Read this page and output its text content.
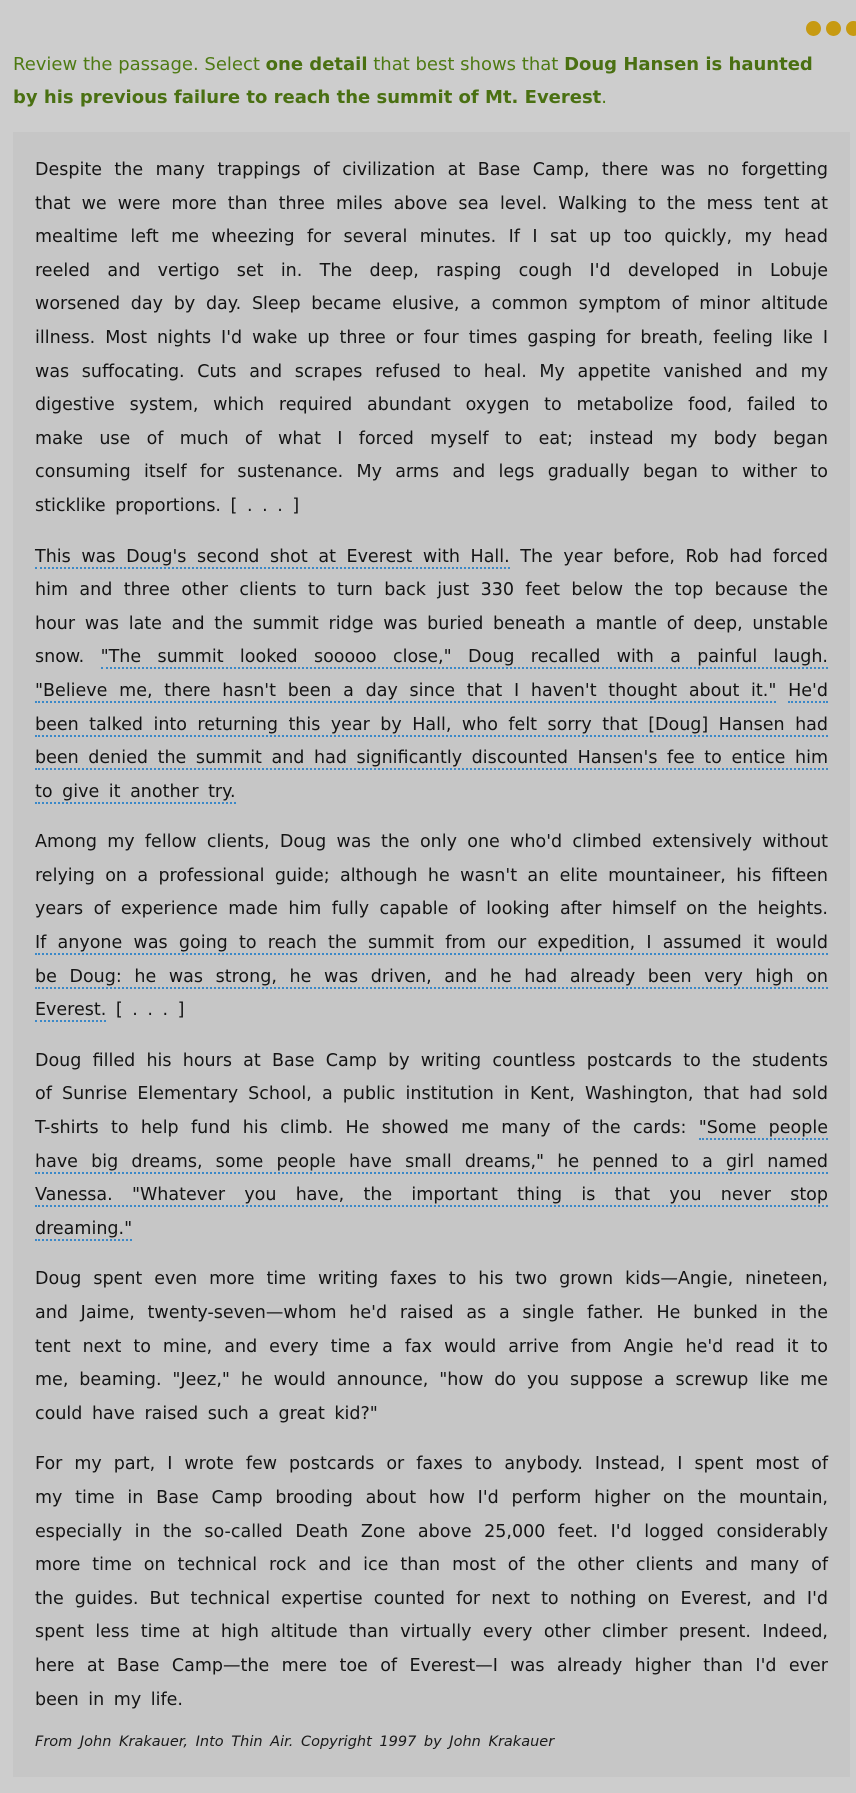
Review the passage. Select one detail that best shows that Doug Hansen is haunted by his previous failure to reach the summit of Mt. Everest.

Despite the many trappings of civilization at Base Camp, there was no forgetting that we were more than three miles above sea level. Walking to the mess tent at mealtime left me wheezing for several minutes. If I sat up too quickly, my head reeled and vertigo set in. The deep, rasping cough I'd developed in Lobuje worsened day by day. Sleep became elusive, a common symptom of minor altitude illness. Most nights I'd wake up three or four times gasping for breath, feeling like I was suffocating. Cuts and scrapes refused to heal. My appetite vanished and my digestive system, which required abundant oxygen to metabolize food, failed to make use of much of what I forced myself to eat; instead my body began consuming itself for sustenance. My arms and legs gradually began to wither to sticklike proportions. [ . . . ]

This was Doug's second shot at Everest with Hall. The year before, Rob had forced him and three other clients to turn back just 330 feet below the top because the hour was late and the summit ridge was buried beneath a mantle of deep, unstable snow. "The summit looked sooooo close," Doug recalled with a painful laugh. "Believe me, there hasn't been a day since that I haven't thought about it." He'd been talked into returning this year by Hall, who felt sorry that [Doug] Hansen had been denied the summit and had significantly discounted Hansen's fee to entice him to give it another try.

Among my fellow clients, Doug was the only one who'd climbed extensively without relying on a professional guide; although he wasn't an elite mountaineer, his fifteen years of experience made him fully capable of looking after himself on the heights. If anyone was going to reach the summit from our expedition, I assumed it would be Doug: he was strong, he was driven, and he had already been very high on Everest. [ . . . ]

Doug filled his hours at Base Camp by writing countless postcards to the students of Sunrise Elementary School, a public institution in Kent, Washington, that had sold T-shirts to help fund his climb. He showed me many of the cards: "Some people have big dreams, some people have small dreams," he penned to a girl named Vanessa. "Whatever you have, the important thing is that you never stop dreaming."

Doug spent even more time writing faxes to his two grown kids—Angie, nineteen, and Jaime, twenty-seven—whom he'd raised as a single father. He bunked in the tent next to mine, and every time a fax would arrive from Angie he'd read it to me, beaming. "Jeez," he would announce, "how do you suppose a screwup like me could have raised such a great kid?"

For my part, I wrote few postcards or faxes to anybody. Instead, I spent most of my time in Base Camp brooding about how I'd perform higher on the mountain, especially in the so-called Death Zone above 25,000 feet. I'd logged considerably more time on technical rock and ice than most of the other clients and many of the guides. But technical expertise counted for next to nothing on Everest, and I'd spent less time at high altitude than virtually every other climber present. Indeed, here at Base Camp—the mere toe of Everest—I was already higher than I'd ever been in my life.

From John Krakauer, Into Thin Air. Copyright 1997 by John Krakauer
